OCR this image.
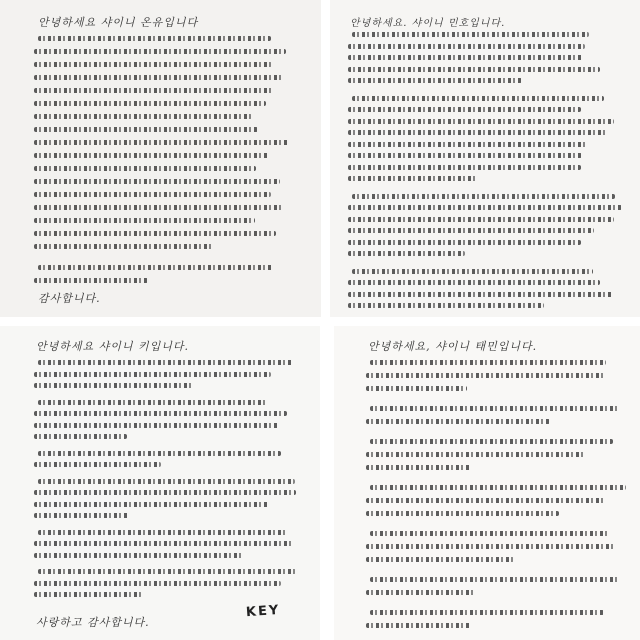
안녕하세요 샤이니 온유입니다
감사합니다.
안녕하세요. 샤이니 민호입니다.
안녕하세요 샤이니 키입니다.
사랑하고 감사합니다.
KEY
안녕하세요, 샤이니 태민입니다.
